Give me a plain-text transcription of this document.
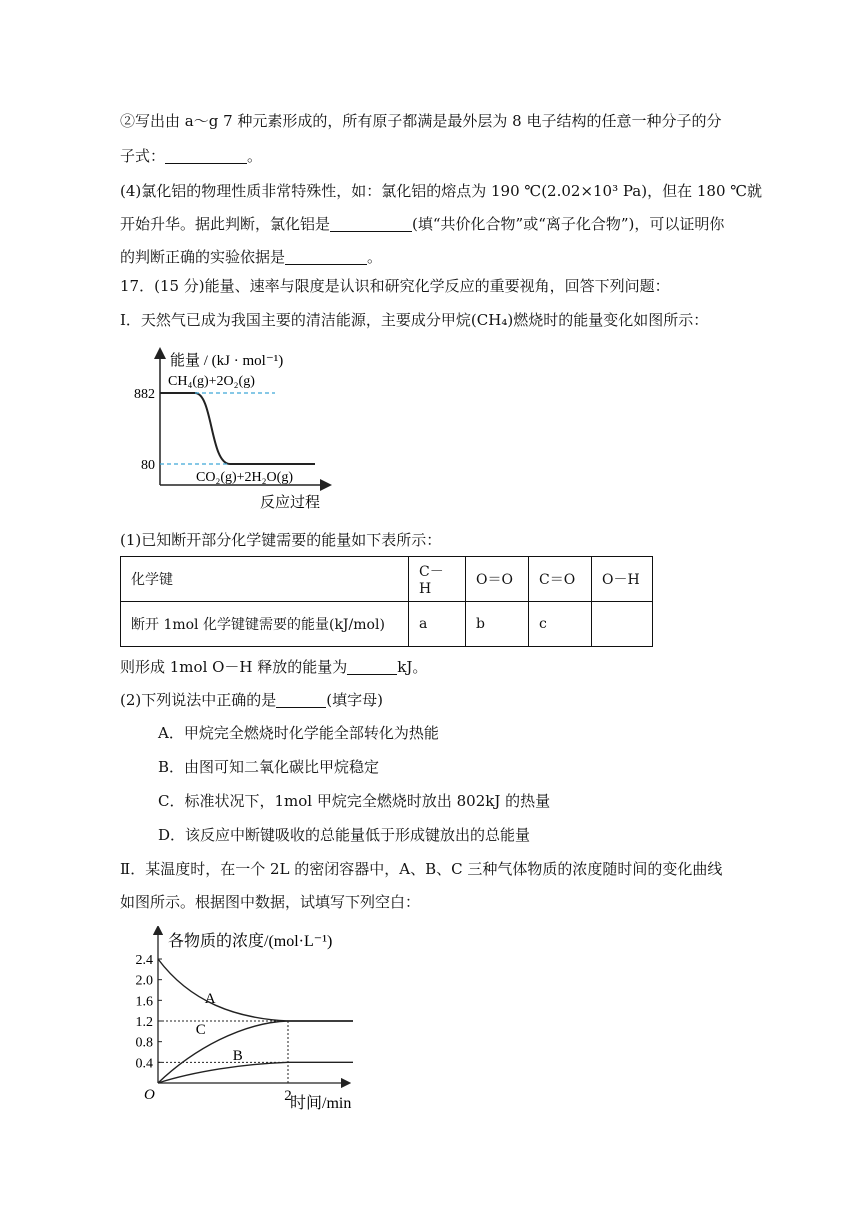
②写出由 a～g 7 种元素形成的，所有原子都满是最外层为 8 电子结构的任意一种分子的分
子式：	。
(4)氯化铝的物理性质非常特殊性，如：氯化铝的熔点为 190 ℃(2.02×10³ Pa)，但在 180 ℃就
开始升华。据此判断，氯化铝是	(填“共价化合物”或“离子化合物”)，可以证明你
的判断正确的实验依据是	。
17．(15 分)能量、速率与限度是认识和研究化学反应的重要视角，回答下列问题：
Ⅰ．天然气已成为我国主要的清洁能源，主要成分甲烷(CH₄)燃烧时的能量变化如图所示：
能量 / (kJ · mol⁻¹)
CH₄(g)+2O₂(g)
CO₂(g)+2H₂O(g)
反应过程
882
80
(1)已知断开部分化学键需要的能量如下表所示：
化学键	C－H	O＝O	C＝O	O－H
断开 1mol 化学键键需要的能量(kJ/mol)	a	b	c	
则形成 1mol O－H 释放的能量为	kJ。
(2)下列说法中正确的是	(填字母)
A．甲烷完全燃烧时化学能全部转化为热能
B．由图可知二氧化碳比甲烷稳定
C．标准状况下，1mol 甲烷完全燃烧时放出 802kJ 的热量
D．该反应中断键吸收的总能量低于形成键放出的总能量
Ⅱ．某温度时，在一个 2L 的密闭容器中，A、B、C 三种气体物质的浓度随时间的变化曲线
如图所示。根据图中数据，试填写下列空白：
各物质的浓度/(mol·L⁻¹)
时间/min
O
2.4
2.0
1.6
1.2
0.8
0.4
2
A
C
B
